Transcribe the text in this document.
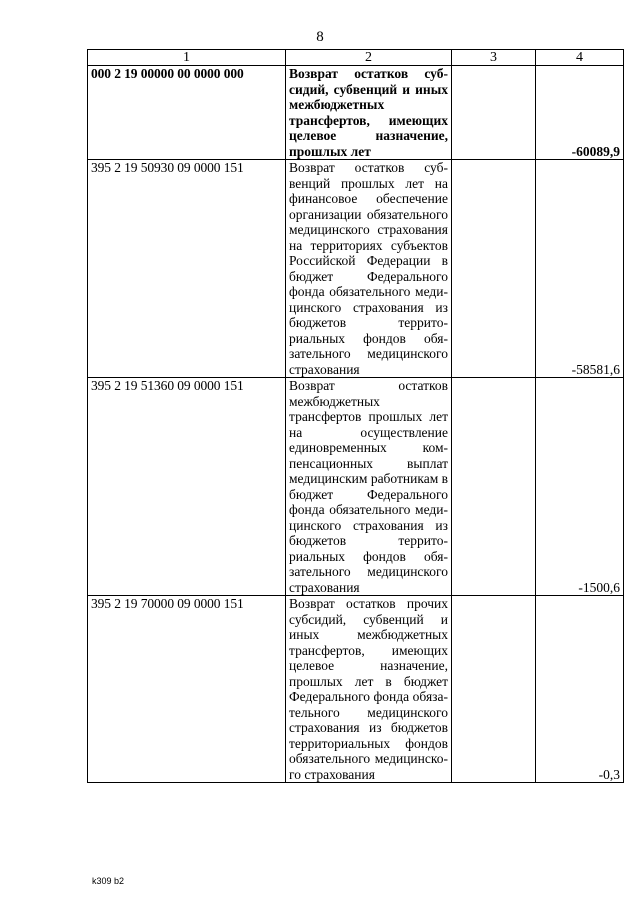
8
1	2	3	4
000 2 19 00000 00 0000 000	Возврат остатков субсидий, субвенций и иных межбюджетных трансфертов, имеющих целевое назначение, прошлых лет		-60089,9
395 2 19 50930 09 0000 151	Возврат остатков субвенций прошлых лет на финансовое обеспечение организации обязательного медицинского страхования на территориях субъектов Российской Федерации в бюджет Федерального фонда обязательного медицинского страхования из бюджетов территориальных фондов обязательного медицинского страхования		-58581,6
395 2 19 51360 09 0000 151	Возврат остатков межбюджетных трансфертов прошлых лет на осуществление единовременных компенсационных выплат медицинским работникам в бюджет Федерального фонда обязательного медицинского страхования из бюджетов территориальных фондов обязательного медицинского страхования		-1500,6
395 2 19 70000 09 0000 151	Возврат остатков прочих субсидий, субвенций и иных межбюджетных трансфертов, имеющих целевое назначение, прошлых лет в бюджет Федерального фонда обязательного медицинского страхования из бюджетов территориальных фондов обязательного медицинского страхования		-0,3
k309 b2
